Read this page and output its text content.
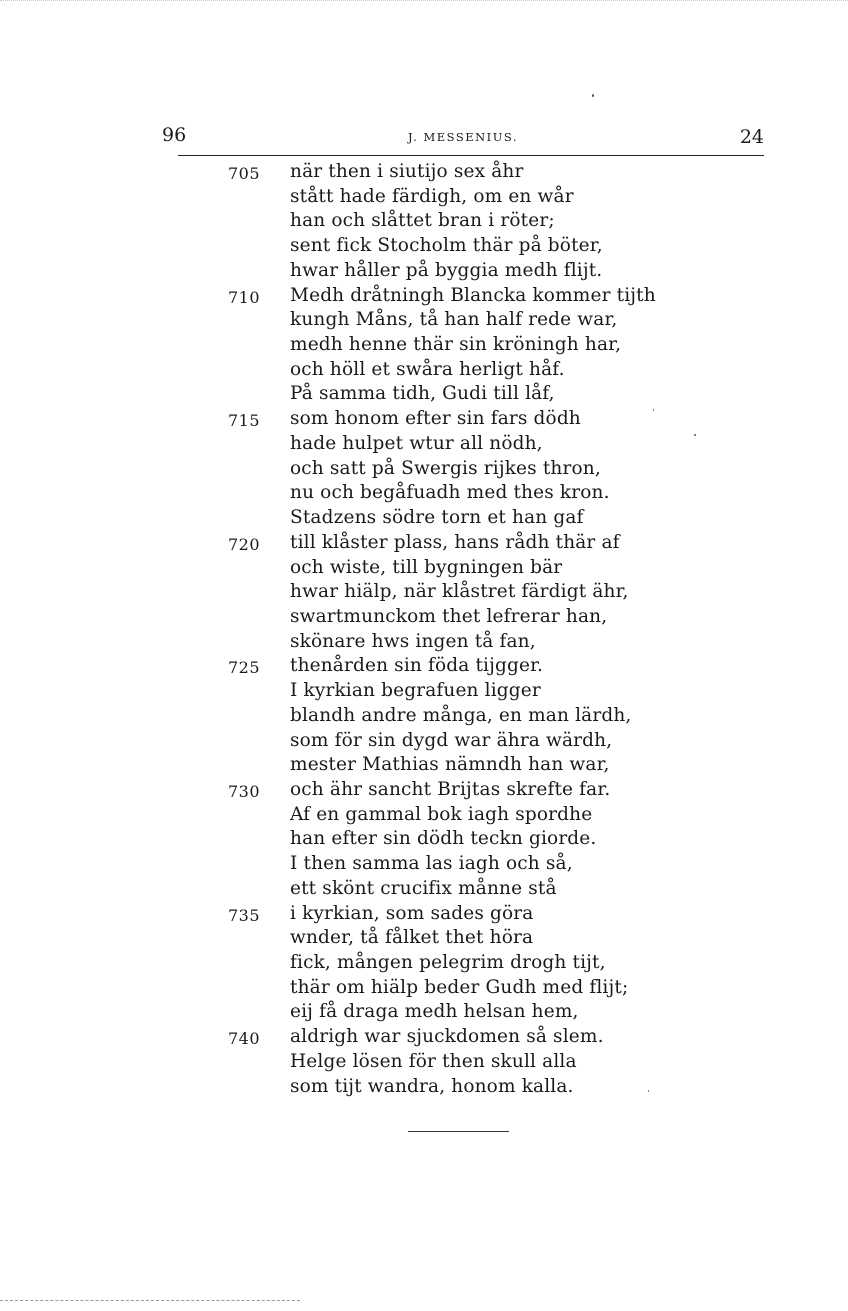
96	J. MESSENIUS.	24
705 när then i siutijo sex åhr
stått hade färdigh, om en wår
han och slåttet bran i röter;
sent fick Stocholm thär på böter,
hwar håller på byggia medh flijt.
710 Medh dråtningh Blancka kommer tijth
kungh Måns, tå han half rede war,
medh henne thär sin kröningh har,
och höll et swåra herligt håf.
På samma tidh, Gudi till låf,
715 som honom efter sin fars dödh
hade hulpet wtur all nödh,
och satt på Swergis rijkes thron,
nu och begåfuadh med thes kron.
Stadzens södre torn et han gaf
720 till klåster plass, hans rådh thär af
och wiste, till bygningen bär
hwar hiälp, när klåstret färdigt ähr,
swartmunckom thet lefrerar han,
skönare hws ingen tå fan,
725 thenården sin föda tijgger.
I kyrkian begrafuen ligger
blandh andre många, en man lärdh,
som för sin dygd war ähra wärdh,
mester Mathias nämndh han war,
730 och ähr sancht Brijtas skrefte far.
Af en gammal bok iagh spordhe
han efter sin dödh teckn giorde.
I then samma las iagh och så,
ett skönt crucifix månne stå
735 i kyrkian, som sades göra
wnder, tå fålket thet höra
fick, mången pelegrim drogh tijt,
thär om hiälp beder Gudh med flijt;
eij få draga medh helsan hem,
740 aldrigh war sjuckdomen så slem.
Helge lösen för then skull alla
som tijt wandra, honom kalla.
